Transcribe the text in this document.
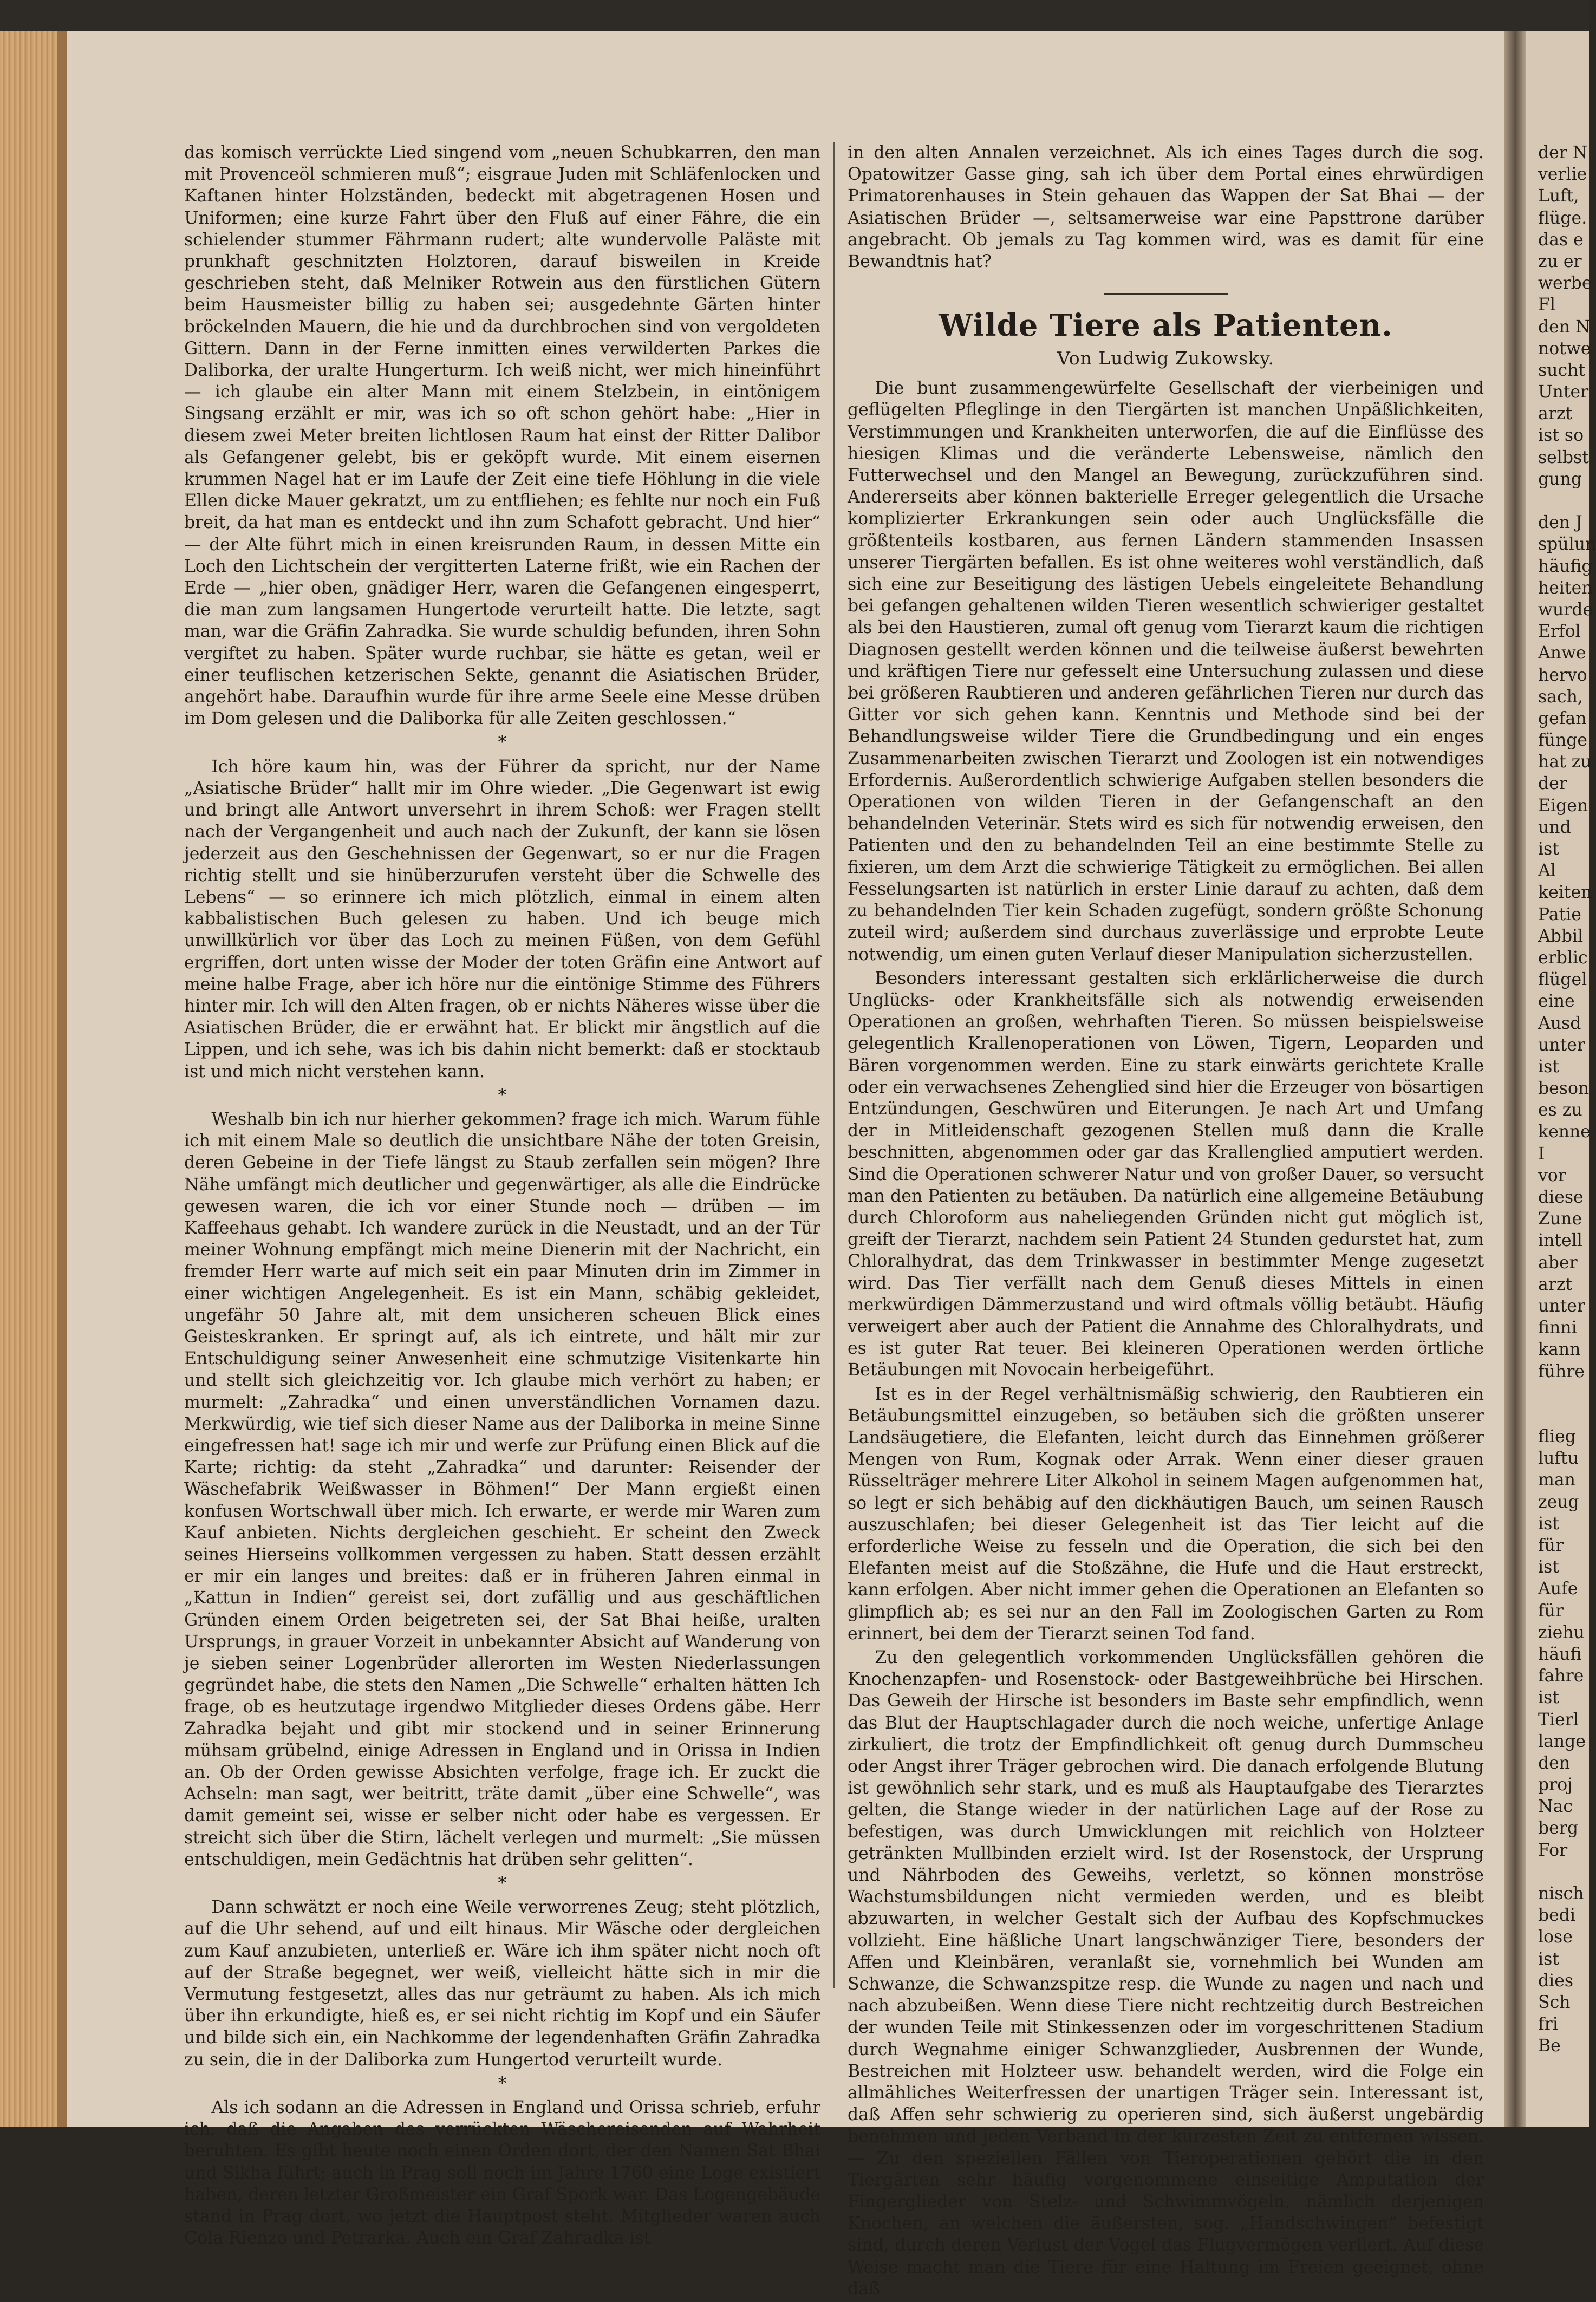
das komisch verrückte Lied singend vom „neuen Schubkarren, den man mit Provenceöl schmieren muß“; eisgraue Juden mit Schläfenlocken und Kaftanen hinter Holzständen, bedeckt mit abgetragenen Hosen und Uniformen; eine kurze Fahrt über den Fluß auf einer Fähre, die ein schielender stummer Fährmann rudert; alte wundervolle Paläste mit prunkhaft geschnitzten Holztoren, darauf bisweilen in Kreide geschrieben steht, daß Melniker Rotwein aus den fürstlichen Gütern beim Hausmeister billig zu haben sei; ausgedehnte Gärten hinter bröckelnden Mauern, die hie und da durchbrochen sind von vergoldeten Gittern. Dann in der Ferne inmitten eines verwilderten Parkes die Daliborka, der uralte Hungerturm. Ich weiß nicht, wer mich hineinführt — ich glaube ein alter Mann mit einem Stelzbein, in eintönigem Singsang erzählt er mir, was ich so oft schon gehört habe: „Hier in diesem zwei Meter breiten lichtlosen Raum hat einst der Ritter Dalibor als Gefangener gelebt, bis er geköpft wurde. Mit einem eisernen krummen Nagel hat er im Laufe der Zeit eine tiefe Höhlung in die viele Ellen dicke Mauer gekratzt, um zu entfliehen; es fehlte nur noch ein Fuß breit, da hat man es entdeckt und ihn zum Schafott gebracht. Und hier“ — der Alte führt mich in einen kreisrunden Raum, in dessen Mitte ein Loch den Lichtschein der vergitterten Laterne frißt, wie ein Rachen der Erde — „hier oben, gnädiger Herr, waren die Gefangenen eingesperrt, die man zum langsamen Hungertode verurteilt hatte. Die letzte, sagt man, war die Gräfin Zahradka. Sie wurde schuldig befunden, ihren Sohn vergiftet zu haben. Später wurde ruchbar, sie hätte es getan, weil er einer teuflischen ketzerischen Sekte, genannt die Asiatischen Brüder, angehört habe. Daraufhin wurde für ihre arme Seele eine Messe drüben im Dom gelesen und die Daliborka für alle Zeiten geschlossen.“

*

Ich höre kaum hin, was der Führer da spricht, nur der Name „Asiatische Brüder“ hallt mir im Ohre wieder. „Die Gegenwart ist ewig und bringt alle Antwort unversehrt in ihrem Schoß: wer Fragen stellt nach der Vergangenheit und auch nach der Zukunft, der kann sie lösen jederzeit aus den Geschehnissen der Gegenwart, so er nur die Fragen richtig stellt und sie hinüberzurufen versteht über die Schwelle des Lebens“ — so erinnere ich mich plötzlich, einmal in einem alten kabbalistischen Buch gelesen zu haben. Und ich beuge mich unwillkürlich vor über das Loch zu meinen Füßen, von dem Gefühl ergriffen, dort unten wisse der Moder der toten Gräfin eine Antwort auf meine halbe Frage, aber ich höre nur die eintönige Stimme des Führers hinter mir. Ich will den Alten fragen, ob er nichts Näheres wisse über die Asiatischen Brüder, die er erwähnt hat. Er blickt mir ängstlich auf die Lippen, und ich sehe, was ich bis dahin nicht bemerkt: daß er stocktaub ist und mich nicht verstehen kann.

*

Weshalb bin ich nur hierher gekommen? frage ich mich. Warum fühle ich mit einem Male so deutlich die unsichtbare Nähe der toten Greisin, deren Gebeine in der Tiefe längst zu Staub zerfallen sein mögen? Ihre Nähe umfängt mich deutlicher und gegenwärtiger, als alle die Eindrücke gewesen waren, die ich vor einer Stunde noch — drüben — im Kaffeehaus gehabt. Ich wandere zurück in die Neustadt, und an der Tür meiner Wohnung empfängt mich meine Dienerin mit der Nachricht, ein fremder Herr warte auf mich seit ein paar Minuten drin im Zimmer in einer wichtigen Angelegenheit. Es ist ein Mann, schäbig gekleidet, ungefähr 50 Jahre alt, mit dem unsicheren scheuen Blick eines Geisteskranken. Er springt auf, als ich eintrete, und hält mir zur Entschuldigung seiner Anwesenheit eine schmutzige Visitenkarte hin und stellt sich gleichzeitig vor. Ich glaube mich verhört zu haben; er murmelt: „Zahradka“ und einen unverständlichen Vornamen dazu. Merkwürdig, wie tief sich dieser Name aus der Daliborka in meine Sinne eingefressen hat! sage ich mir und werfe zur Prüfung einen Blick auf die Karte; richtig: da steht „Zahradka“ und darunter: Reisender der Wäschefabrik Weißwasser in Böhmen!“ Der Mann ergießt einen konfusen Wortschwall über mich. Ich erwarte, er werde mir Waren zum Kauf anbieten. Nichts dergleichen geschieht. Er scheint den Zweck seines Hierseins vollkommen vergessen zu haben. Statt dessen erzählt er mir ein langes und breites: daß er in früheren Jahren einmal in „Kattun in Indien“ gereist sei, dort zufällig und aus geschäftlichen Gründen einem Orden beigetreten sei, der Sat Bhai heiße, uralten Ursprungs, in grauer Vorzeit in unbekannter Absicht auf Wanderung von je sieben seiner Logenbrüder allerorten im Westen Niederlassungen gegründet habe, die stets den Namen „Die Schwelle“ erhalten hätten Ich frage, ob es heutzutage irgendwo Mitglieder dieses Ordens gäbe. Herr Zahradka bejaht und gibt mir stockend und in seiner Erinnerung mühsam grübelnd, einige Adressen in England und in Orissa in Indien an. Ob der Orden gewisse Absichten verfolge, frage ich. Er zuckt die Achseln: man sagt, wer beitritt, träte damit „über eine Schwelle“, was damit gemeint sei, wisse er selber nicht oder habe es vergessen. Er streicht sich über die Stirn, lächelt verlegen und murmelt: „Sie müssen entschuldigen, mein Gedächtnis hat drüben sehr gelitten“.

*

Dann schwätzt er noch eine Weile verworrenes Zeug; steht plötzlich, auf die Uhr sehend, auf und eilt hinaus. Mir Wäsche oder dergleichen zum Kauf anzubieten, unterließ er. Wäre ich ihm später nicht noch oft auf der Straße begegnet, wer weiß, vielleicht hätte sich in mir die Vermutung festgesetzt, alles das nur geträumt zu haben. Als ich mich über ihn erkundigte, hieß es, er sei nicht richtig im Kopf und ein Säufer und bilde sich ein, ein Nachkomme der legendenhaften Gräfin Zahradka zu sein, die in der Daliborka zum Hungertod verurteilt wurde.

*

Als ich sodann an die Adressen in England und Orissa schrieb, erfuhr ich, daß die Angaben des verrückten Wäschereisenden auf Wahrheit beruhten. Es gibt heute noch einen Orden dort, der den Namen Sat Bhai und Sikha führt; auch in Prag soll noch im Jahre 1760 eine Loge existiert haben, deren letzter Großmeister ein Graf Spork war. Das Logengebäude stand in Prag dort, wo jetzt die Hauptpost steht. Mitglieder waren auch Cola Rienzo und Petrarka. Auch ein Graf Zahradka ist

in den alten Annalen verzeichnet. Als ich eines Tages durch die sog. Opatowitzer Gasse ging, sah ich über dem Portal eines ehrwürdigen Primatorenhauses in Stein gehauen das Wappen der Sat Bhai — der Asiatischen Brüder —, seltsamerweise war eine Papsttrone darüber angebracht. Ob jemals zu Tag kommen wird, was es damit für eine Bewandtnis hat?

Wilde Tiere als Patienten.
Von Ludwig Zukowsky.

Die bunt zusammengewürfelte Gesellschaft der vierbeinigen und geflügelten Pfleglinge in den Tiergärten ist manchen Unpäßlichkeiten, Verstimmungen und Krankheiten unterworfen, die auf die Einflüsse des hiesigen Klimas und die veränderte Lebensweise, nämlich den Futterwechsel und den Mangel an Bewegung, zurückzuführen sind. Andererseits aber können bakterielle Erreger gelegentlich die Ursache komplizierter Erkrankungen sein oder auch Unglücksfälle die größtenteils kostbaren, aus fernen Ländern stammenden Insassen unserer Tiergärten befallen. Es ist ohne weiteres wohl verständlich, daß sich eine zur Beseitigung des lästigen Uebels eingeleitete Behandlung bei gefangen gehaltenen wilden Tieren wesentlich schwieriger gestaltet als bei den Haustieren, zumal oft genug vom Tierarzt kaum die richtigen Diagnosen gestellt werden können und die teilweise äußerst bewehrten und kräftigen Tiere nur gefesselt eine Untersuchung zulassen und diese bei größeren Raubtieren und anderen gefährlichen Tieren nur durch das Gitter vor sich gehen kann. Kenntnis und Methode sind bei der Behandlungsweise wilder Tiere die Grundbedingung und ein enges Zusammenarbeiten zwischen Tierarzt und Zoologen ist ein notwendiges Erfordernis. Außerordentlich schwierige Aufgaben stellen besonders die Operationen von wilden Tieren in der Gefangenschaft an den behandelnden Veterinär. Stets wird es sich für notwendig erweisen, den Patienten und den zu behandelnden Teil an eine bestimmte Stelle zu fixieren, um dem Arzt die schwierige Tätigkeit zu ermöglichen. Bei allen Fesselungsarten ist natürlich in erster Linie darauf zu achten, daß dem zu behandelnden Tier kein Schaden zugefügt, sondern größte Schonung zuteil wird; außerdem sind durchaus zuverlässige und erprobte Leute notwendig, um einen guten Verlauf dieser Manipulation sicherzustellen.

Besonders interessant gestalten sich erklärlicherweise die durch Unglücks- oder Krankheitsfälle sich als notwendig erweisenden Operationen an großen, wehrhaften Tieren. So müssen beispielsweise gelegentlich Krallenoperationen von Löwen, Tigern, Leoparden und Bären vorgenommen werden. Eine zu stark einwärts gerichtete Kralle oder ein verwachsenes Zehenglied sind hier die Erzeuger von bösartigen Entzündungen, Geschwüren und Eiterungen. Je nach Art und Umfang der in Mitleidenschaft gezogenen Stellen muß dann die Kralle beschnitten, abgenommen oder gar das Krallenglied amputiert werden. Sind die Operationen schwerer Natur und von großer Dauer, so versucht man den Patienten zu betäuben. Da natürlich eine allgemeine Betäubung durch Chloroform aus naheliegenden Gründen nicht gut möglich ist, greift der Tierarzt, nachdem sein Patient 24 Stunden gedurstet hat, zum Chloralhydrat, das dem Trinkwasser in bestimmter Menge zugesetzt wird. Das Tier verfällt nach dem Genuß dieses Mittels in einen merkwürdigen Dämmerzustand und wird oftmals völlig betäubt. Häufig verweigert aber auch der Patient die Annahme des Chloralhydrats, und es ist guter Rat teuer. Bei kleineren Operationen werden örtliche Betäubungen mit Novocain herbeigeführt.

Ist es in der Regel verhältnismäßig schwierig, den Raubtieren ein Betäubungsmittel einzugeben, so betäuben sich die größten unserer Landsäugetiere, die Elefanten, leicht durch das Einnehmen größerer Mengen von Rum, Kognak oder Arrak. Wenn einer dieser grauen Rüsselträger mehrere Liter Alkohol in seinem Magen aufgenommen hat, so legt er sich behäbig auf den dickhäutigen Bauch, um seinen Rausch auszuschlafen; bei dieser Gelegenheit ist das Tier leicht auf die erforderliche Weise zu fesseln und die Operation, die sich bei den Elefanten meist auf die Stoßzähne, die Hufe und die Haut erstreckt, kann erfolgen. Aber nicht immer gehen die Operationen an Elefanten so glimpflich ab; es sei nur an den Fall im Zoologischen Garten zu Rom erinnert, bei dem der Tierarzt seinen Tod fand.

Zu den gelegentlich vorkommenden Unglücksfällen gehören die Knochenzapfen- und Rosenstock- oder Bastgeweihbrüche bei Hirschen. Das Geweih der Hirsche ist besonders im Baste sehr empfindlich, wenn das Blut der Hauptschlagader durch die noch weiche, unfertige Anlage zirkuliert, die trotz der Empfindlichkeit oft genug durch Dummscheu oder Angst ihrer Träger gebrochen wird. Die danach erfolgende Blutung ist gewöhnlich sehr stark, und es muß als Hauptaufgabe des Tierarztes gelten, die Stange wieder in der natürlichen Lage auf der Rose zu befestigen, was durch Umwicklungen mit reichlich von Holzteer getränkten Mullbinden erzielt wird. Ist der Rosenstock, der Ursprung und Nährboden des Geweihs, verletzt, so können monströse Wachstumsbildungen nicht vermieden werden, und es bleibt abzuwarten, in welcher Gestalt sich der Aufbau des Kopfschmuckes vollzieht. Eine häßliche Unart langschwänziger Tiere, besonders der Affen und Kleinbären, veranlaßt sie, vornehmlich bei Wunden am Schwanze, die Schwanzspitze resp. die Wunde zu nagen und nach und nach abzubeißen. Wenn diese Tiere nicht rechtzeitig durch Bestreichen der wunden Teile mit Stinkessenzen oder im vorgeschrittenen Stadium durch Wegnahme einiger Schwanzglieder, Ausbrennen der Wunde, Bestreichen mit Holzteer usw. behandelt werden, wird die Folge ein allmähliches Weiterfressen der unartigen Träger sein. Interessant ist, daß Affen sehr schwierig zu operieren sind, sich äußerst ungebärdig benehmen und jeden Verband in der kürzesten Zeit zu entfernen wissen. — Zu den speziellen Fällen von Tieroperationen gehört die in den Tiergärten sehr häufig vorgenommene einseitige Amputation der Fingerglieder von Stelz- und Schwimmvögeln, nämlich derjenigen Knochen, an welchen die äußersten, sog. „Handschwingen“ befestigt sind, durch deren Verlust der Vogel das Flugvermögen verliert. Auf diese Weise macht man die Tiere für eine Haltung im Freien geeignet, ohne daß

der N
verlie
Luft,
flüge.
das e
zu er
werbe
Fl
den N
notwe
sucht
Unter
arzt
ist so
selbst
gung
den J
spülun
häufig
heiten
wurde
Erfol
Anwe
hervo
sach,
gefan
fünge
hat zu
der
Eigen
und
ist
Al
keiten
Patie
Abbil
erblic
flügel
eine
Ausd
unter
ist
beson
es zu
kenne
I
vor
diese
Zune
intell
aber
arzt
unter
finni
kann
führe
flieg
luftu
man
zeug
ist
für
ist
Aufe
für
ziehu
häufi
fahre
ist
Tierl
lange
den
proj
Nac
berg
For
nisch
bedi
lose
ist
dies
Sch
fri
Be
